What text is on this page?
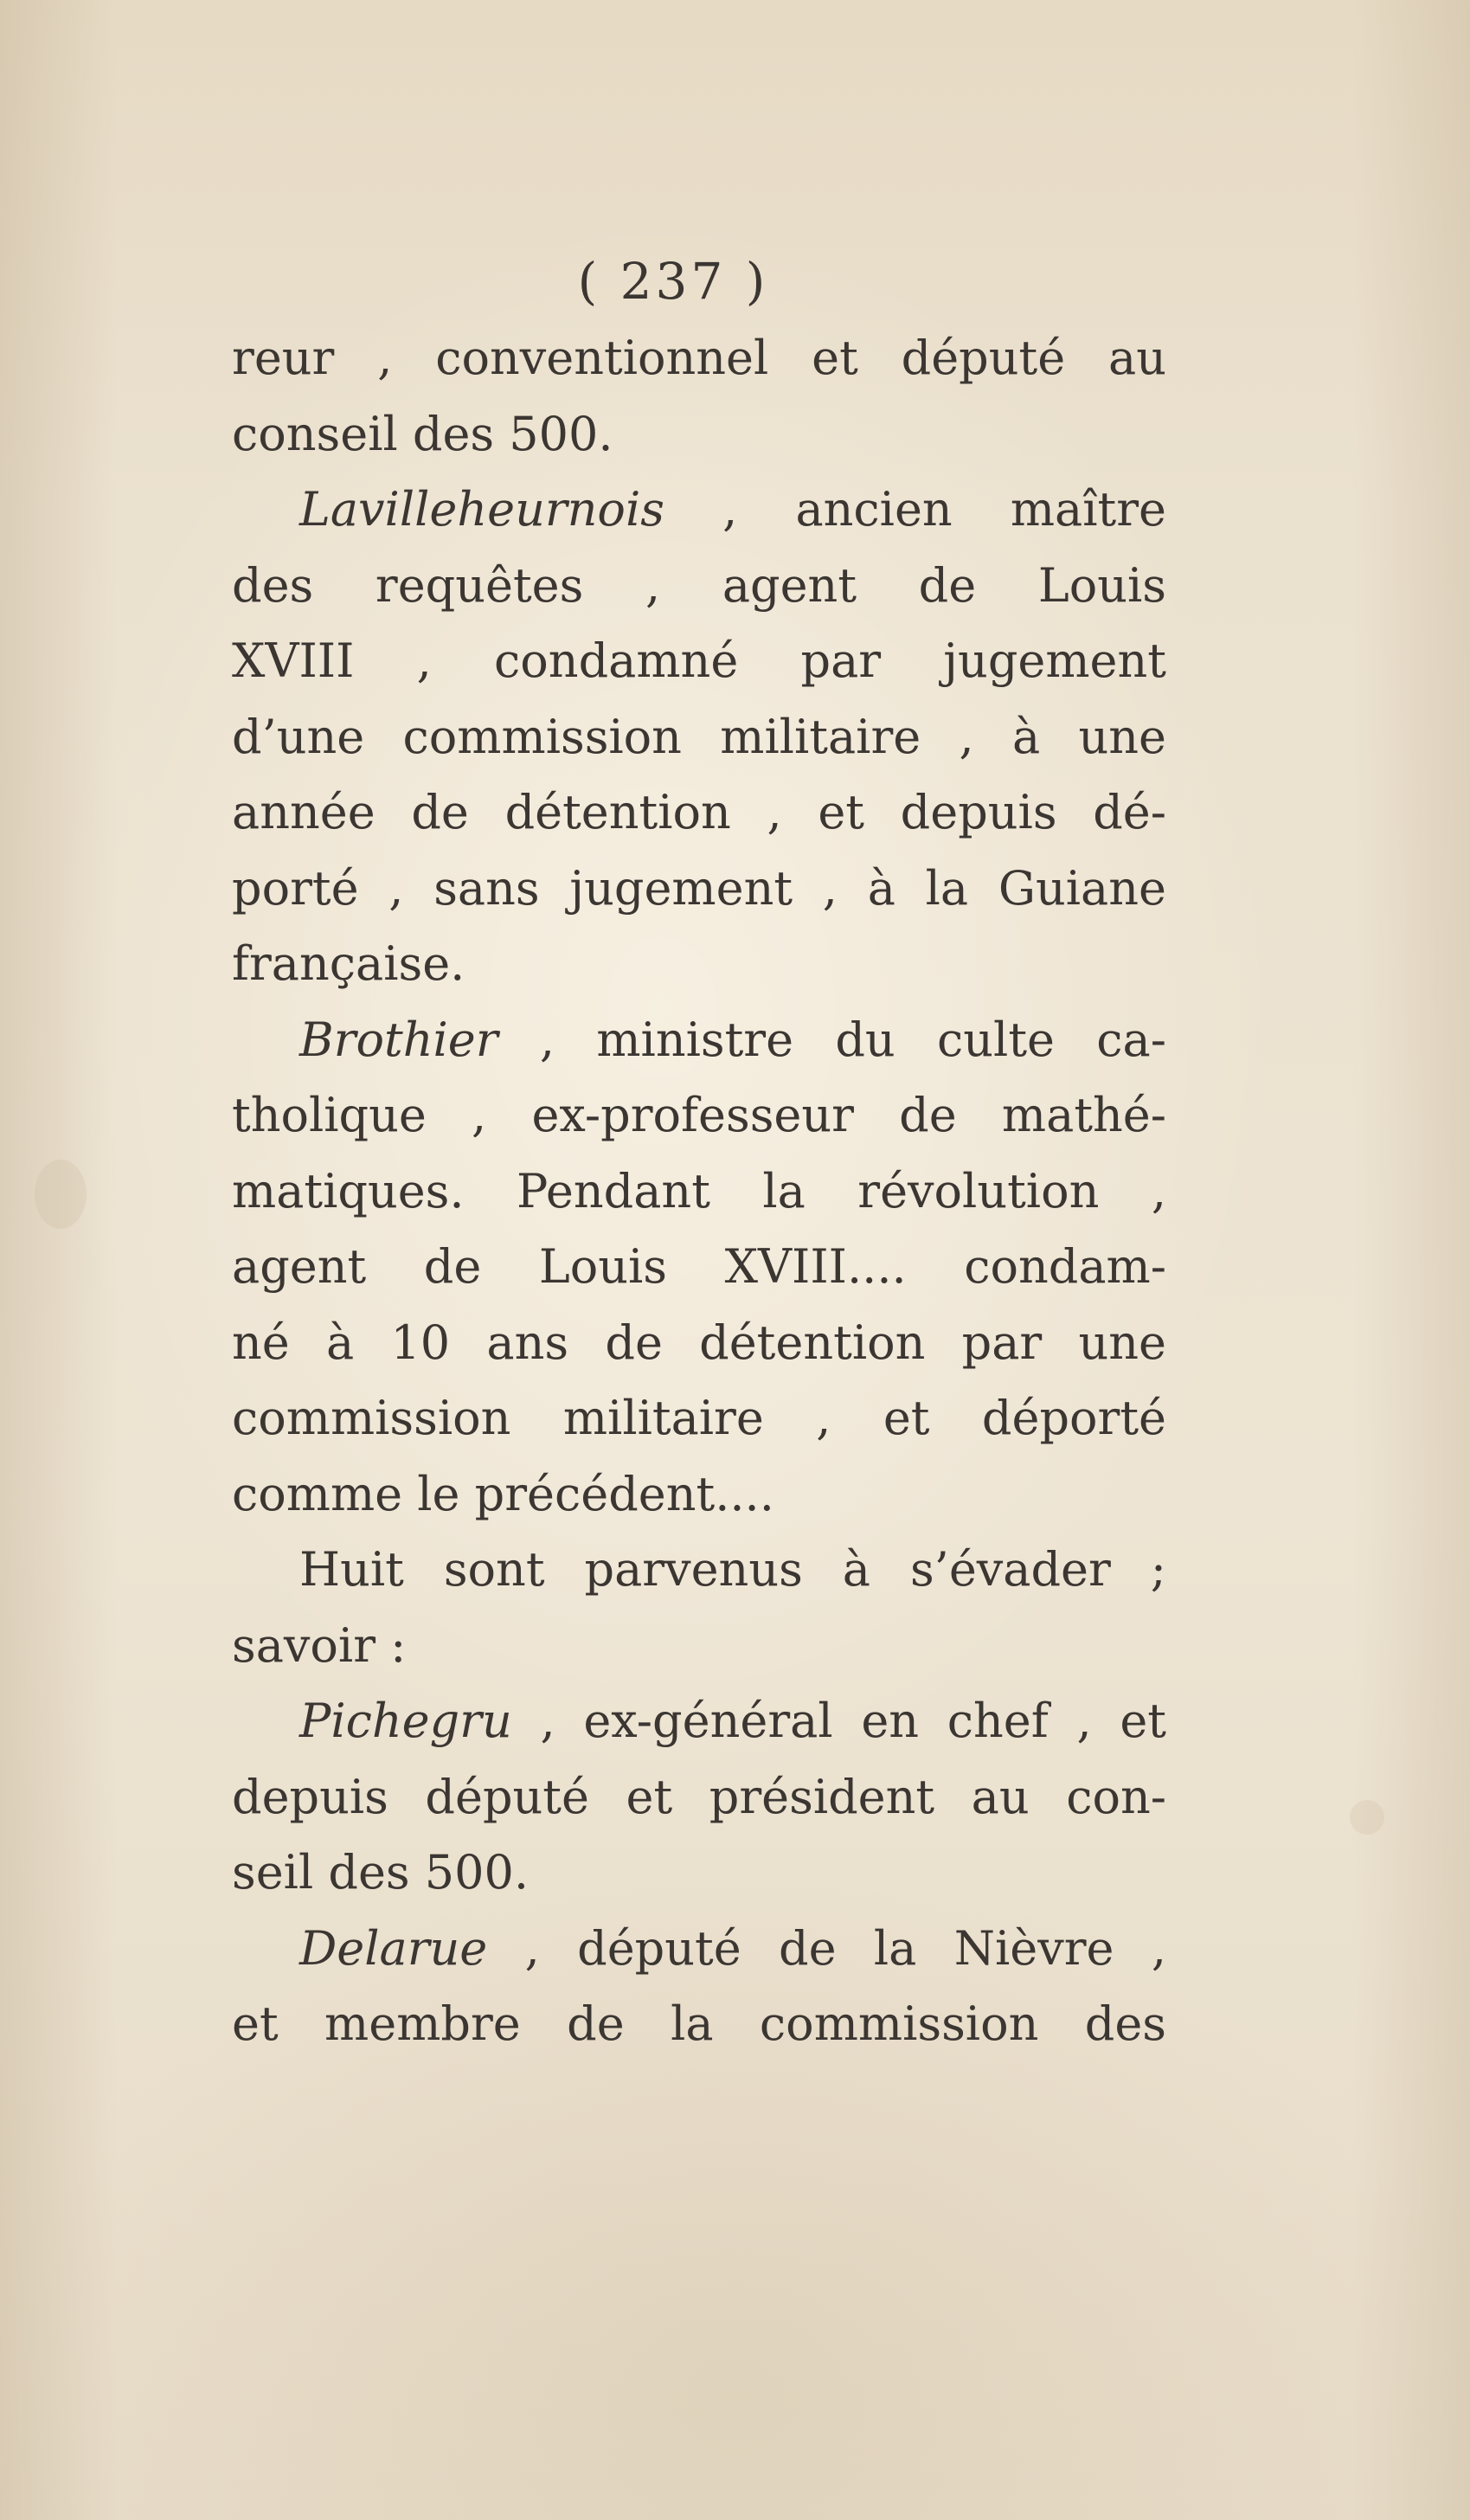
( 237 )
reur , conventionnel et député au
conseil des 500.
Lavilleheurnois , ancien maître
des requêtes , agent de Louis
XVIII , condamné par jugement
d’une commission militaire , à une
année de détention , et depuis dé-
porté , sans jugement , à la Guiane
française.
Brothier , ministre du culte ca-
tholique , ex-professeur de mathé-
matiques. Pendant la révolution ,
agent de Louis XVIII.... condam-
né à 10 ans de détention par une
commission militaire , et déporté
comme le précédent....
Huit sont parvenus à s’évader ;
savoir :
Pichegru , ex-général en chef , et
depuis député et président au con-
seil des 500.
Delarue , député de la Nièvre ,
et membre de la commission des
